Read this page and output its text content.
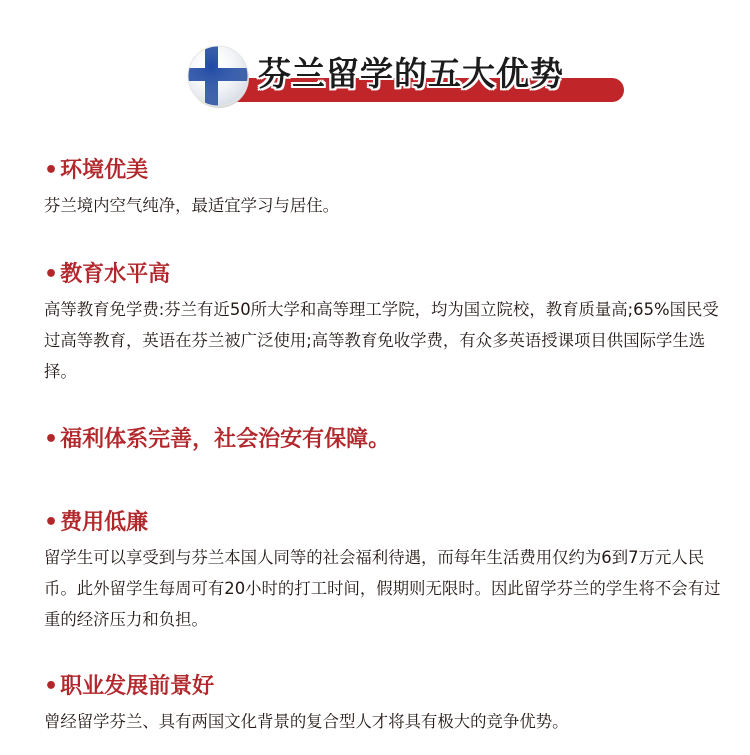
芬兰留学的五大优势
•环境优美

芬兰境内空气纯净，最适宜学习与居住。

•教育水平高

高等教育免学费:芬兰有近50所大学和高等理工学院，均为国立院校，教育质量高;65%国民受过高等教育，英语在芬兰被广泛使用;高等教育免收学费，有众多英语授课项目供国际学生选择。

•福利体系完善，社会治安有保障。
•费用低廉

留学生可以享受到与芬兰本国人同等的社会福利待遇，而每年生活费用仅约为6到7万元人民币。此外留学生每周可有20小时的打工时间，假期则无限时。因此留学芬兰的学生将不会有过重的经济压力和负担。

•职业发展前景好

曾经留学芬兰、具有两国文化背景的复合型人才将具有极大的竞争优势。
